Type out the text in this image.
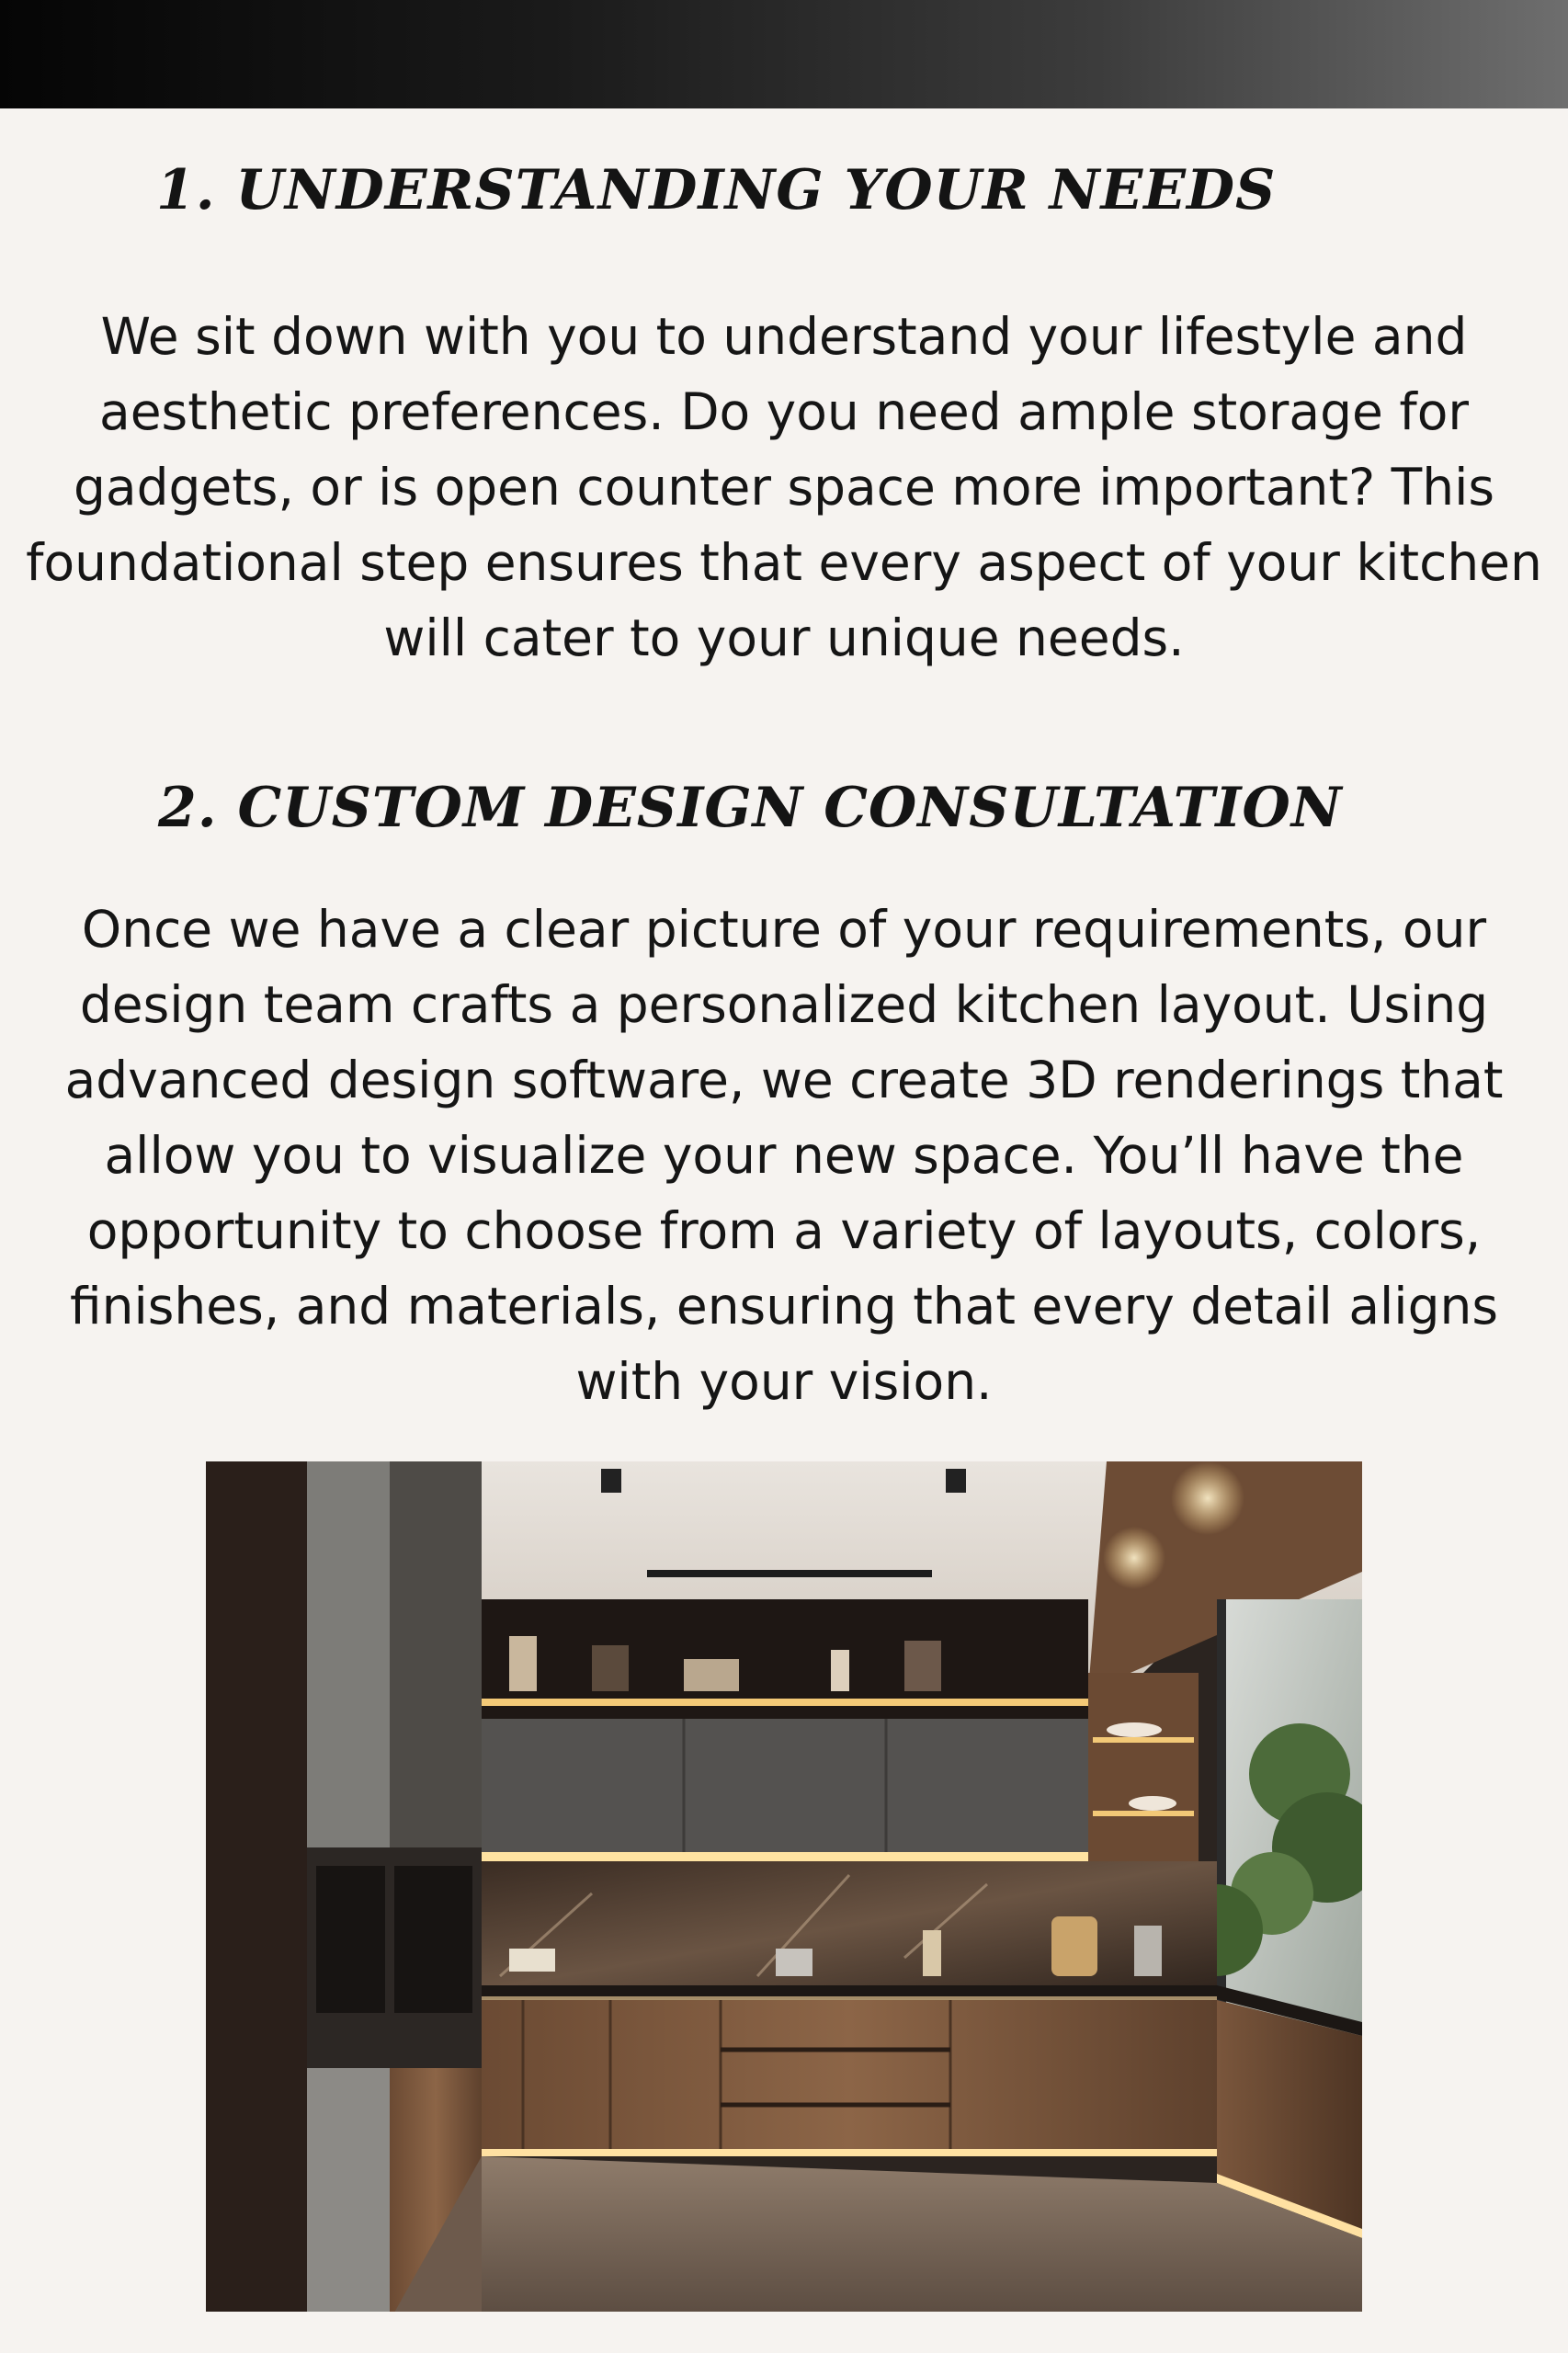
1. UNDERSTANDING YOUR NEEDS

We sit down with you to understand your lifestyle and
aesthetic preferences. Do you need ample storage for
gadgets, or is open counter space more important? This
foundational step ensures that every aspect of your kitchen
will cater to your unique needs.

2. CUSTOM DESIGN CONSULTATION

Once we have a clear picture of your requirements, our
design team crafts a personalized kitchen layout. Using
advanced design software, we create 3D renderings that
allow you to visualize your new space. You’ll have the
opportunity to choose from a variety of layouts, colors,
finishes, and materials, ensuring that every detail aligns
with your vision.
